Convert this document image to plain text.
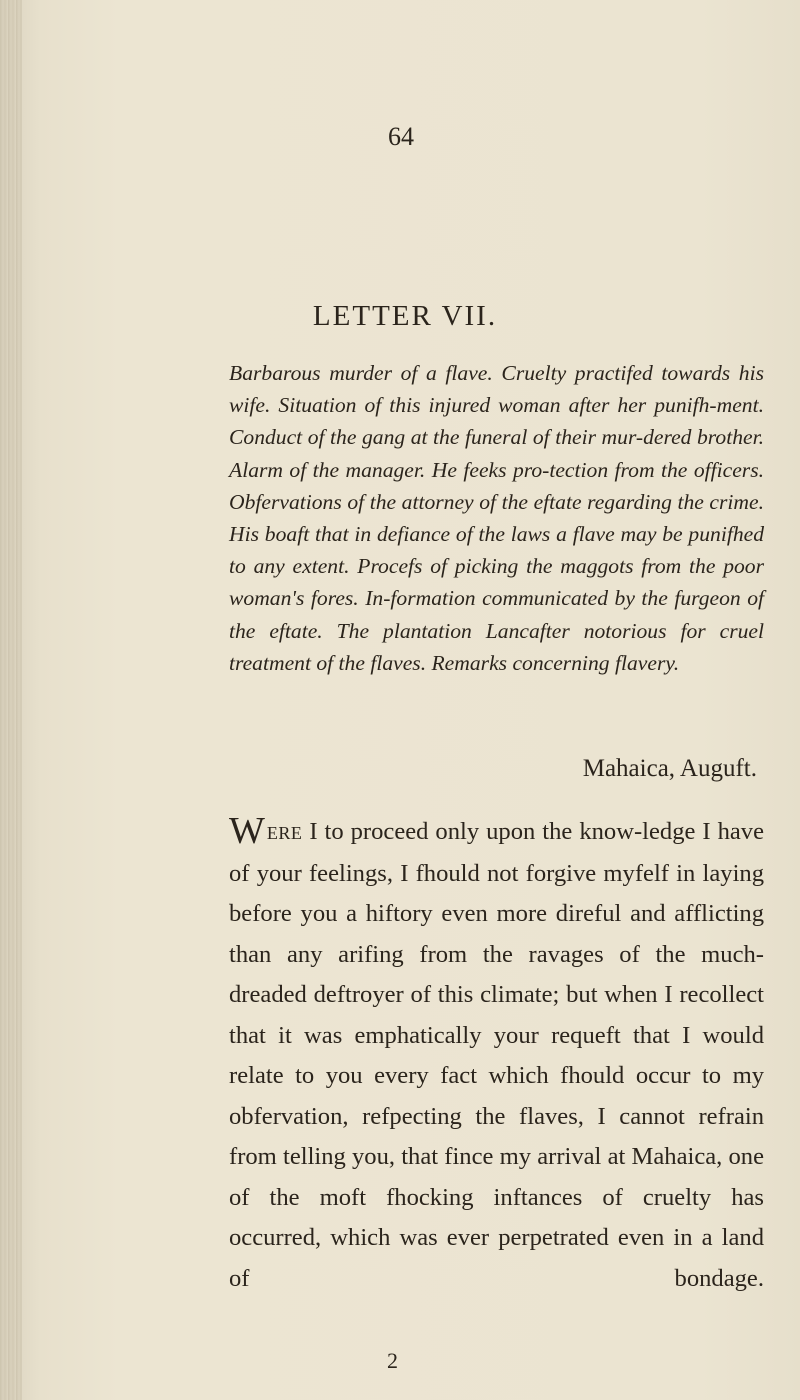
64
LETTER VII.
Barbarous murder of a flave. Cruelty practifed towards his wife. Situation of this injured woman after her punifh-ment. Conduct of the gang at the funeral of their mur-dered brother. Alarm of the manager. He feeks pro-tection from the officers. Obfervations of the attorney of the eftate regarding the crime. His boaft that in defiance of the laws a flave may be punifhed to any extent. Procefs of picking the maggots from the poor woman's fores. In-formation communicated by the furgeon of the eftate. The plantation Lancafter notorious for cruel treatment of the flaves. Remarks concerning flavery.
Mahaica, Auguft.
WERE I to proceed only upon the know-ledge I have of your feelings, I fhould not forgive myfelf in laying before you a hiftory even more direful and afflicting than any arifing from the ravages of the much-dreaded deftroyer of this climate; but when I recollect that it was emphatically your requeft that I would relate to you every fact which fhould occur to my obfervation, refpecting the flaves, I cannot refrain from telling you, that fince my arrival at Mahaica, one of the moft fhocking inftances of cruelty has occurred, which was ever perpetrated even in a land of bondage.
2
